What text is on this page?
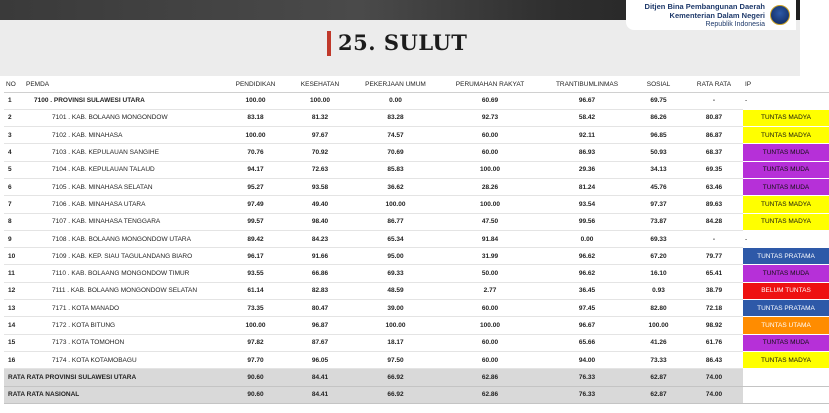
Ditjen Bina Pembangunan Daerah
Kementerian Dalam Negeri
Republik Indonesia
25. SULUT
NO	PEMDA	PENDIDIKAN	KESEHATAN	PEKERJAAN UMUM	PERUMAHAN RAKYAT	TRANTIBUMLINMAS	SOSIAL	RATA RATA	IP
1	7100 . PROVINSI SULAWESI UTARA	100.00	100.00	0.00	60.69	96.67	69.75	-	-
2	7101 . KAB. BOLAANG MONGONDOW	83.18	81.32	83.28	92.73	58.42	86.26	80.87	TUNTAS MADYA
3	7102 . KAB. MINAHASA	100.00	97.67	74.57	60.00	92.11	96.85	86.87	TUNTAS MADYA
4	7103 . KAB. KEPULAUAN SANGIHE	70.76	70.92	70.69	60.00	86.93	50.93	68.37	TUNTAS MUDA
5	7104 . KAB. KEPULAUAN TALAUD	94.17	72.63	85.83	100.00	29.36	34.13	69.35	TUNTAS MUDA
6	7105 . KAB. MINAHASA SELATAN	95.27	93.58	36.62	28.26	81.24	45.76	63.46	TUNTAS MUDA
7	7106 . KAB. MINAHASA UTARA	97.49	49.40	100.00	100.00	93.54	97.37	89.63	TUNTAS MADYA
8	7107 . KAB. MINAHASA TENGGARA	99.57	98.40	86.77	47.50	99.56	73.87	84.28	TUNTAS MADYA
9	7108 . KAB. BOLAANG MONGONDOW UTARA	89.42	84.23	65.34	91.84	0.00	69.33	-	-
10	7109 . KAB. KEP. SIAU TAGULANDANG BIARO	96.17	91.66	95.00	31.99	96.62	67.20	79.77	TUNTAS PRATAMA
11	7110 . KAB. BOLAANG MONGONDOW TIMUR	93.55	66.86	69.33	50.00	96.62	16.10	65.41	TUNTAS MUDA
12	7111 . KAB. BOLAANG MONGONDOW SELATAN	61.14	82.83	48.59	2.77	36.45	0.93	38.79	BELUM TUNTAS
13	7171 . KOTA MANADO	73.35	80.47	39.00	60.00	97.45	82.80	72.18	TUNTAS PRATAMA
14	7172 . KOTA BITUNG	100.00	96.87	100.00	100.00	96.67	100.00	98.92	TUNTAS UTAMA
15	7173 . KOTA TOMOHON	97.82	87.67	18.17	60.00	65.66	41.26	61.76	TUNTAS MUDA
16	7174 . KOTA KOTAMOBAGU	97.70	96.05	97.50	60.00	94.00	73.33	86.43	TUNTAS MADYA
RATA RATA PROVINSI SULAWESI UTARA		90.60	84.41	66.92	62.86	76.33	62.87	74.00	
RATA RATA NASIONAL		90.60	84.41	66.92	62.86	76.33	62.87	74.00	
